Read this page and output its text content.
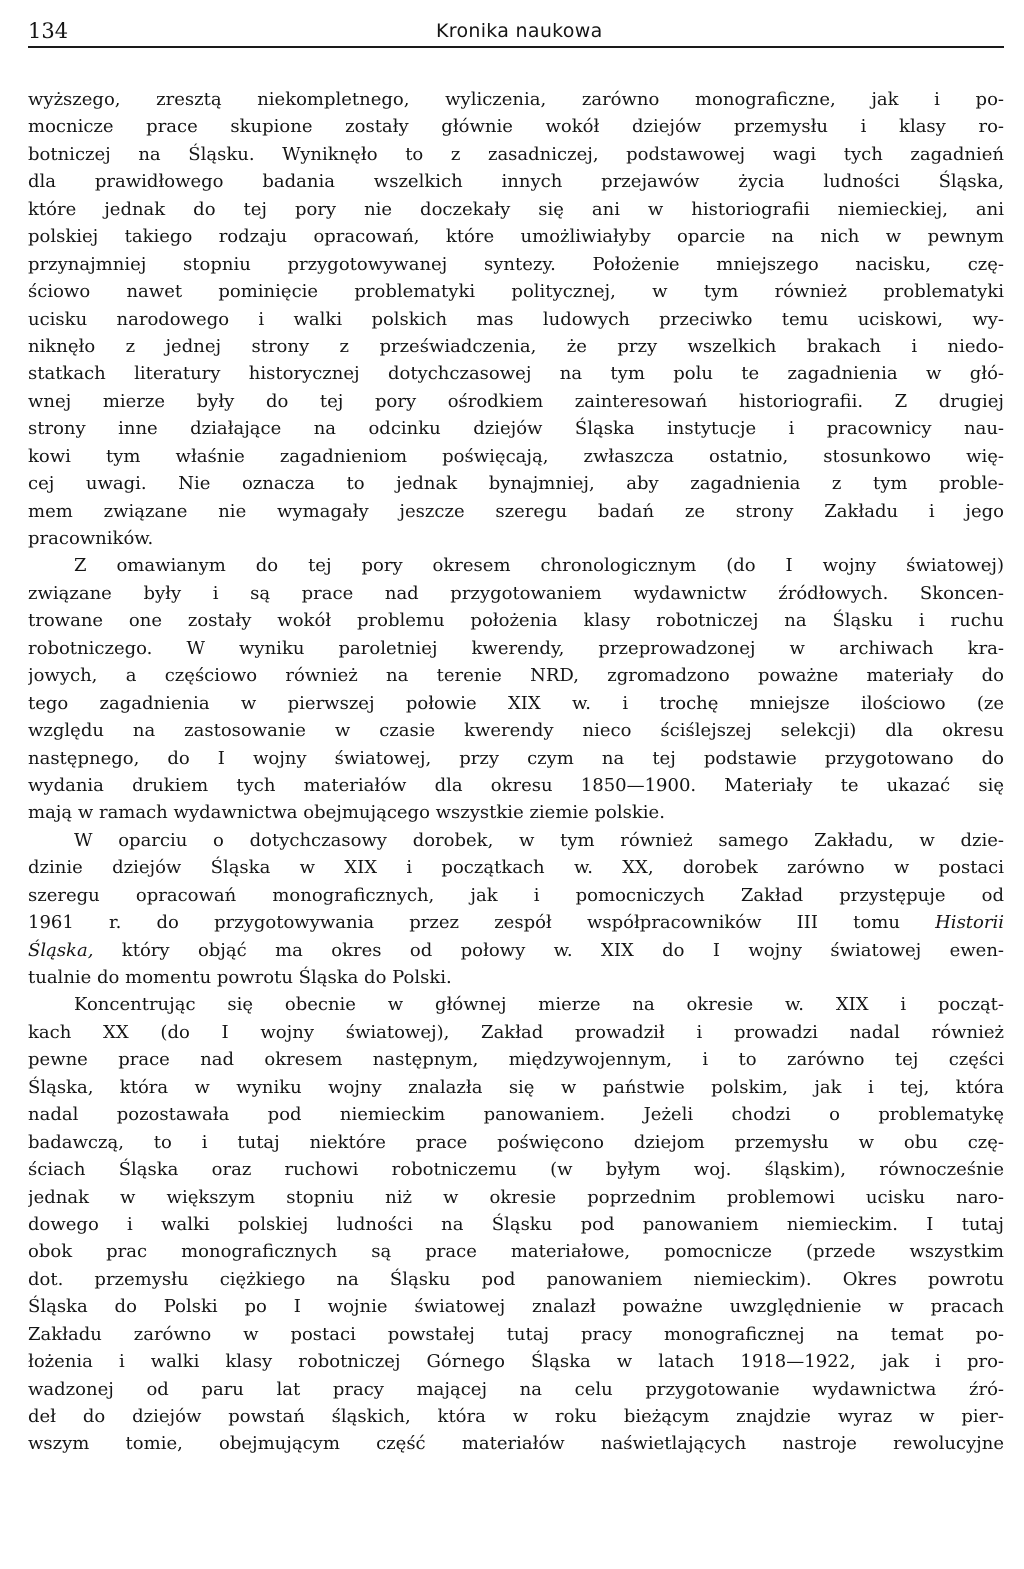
134	Kronika naukowa
wyższego, zresztą niekompletnego, wyliczenia, zarówno monograficzne, jak i po-
mocnicze prace skupione zostały głównie wokół dziejów przemysłu i klasy ro-
botniczej na Śląsku. Wyniknęło to z zasadniczej, podstawowej wagi tych zagadnień
dla prawidłowego badania wszelkich innych przejawów życia ludności Śląska,
które jednak do tej pory nie doczekały się ani w historiografii niemieckiej, ani
polskiej takiego rodzaju opracowań, które umożliwiałyby oparcie na nich w pewnym
przynajmniej stopniu przygotowywanej syntezy. Położenie mniejszego nacisku, czę-
ściowo nawet pominięcie problematyki politycznej, w tym również problematyki
ucisku narodowego i walki polskich mas ludowych przeciwko temu uciskowi, wy-
niknęło z jednej strony z przeświadczenia, że przy wszelkich brakach i niedo-
statkach literatury historycznej dotychczasowej na tym polu te zagadnienia w głó-
wnej mierze były do tej pory ośrodkiem zainteresowań historiografii. Z drugiej
strony inne działające na odcinku dziejów Śląska instytucje i pracownicy nau-
kowi tym właśnie zagadnieniom poświęcają, zwłaszcza ostatnio, stosunkowo wię-
cej uwagi. Nie oznacza to jednak bynajmniej, aby zagadnienia z tym proble-
mem związane nie wymagały jeszcze szeregu badań ze strony Zakładu i jego
pracowników.
Z omawianym do tej pory okresem chronologicznym (do I wojny światowej)
związane były i są prace nad przygotowaniem wydawnictw źródłowych. Skoncen-
trowane one zostały wokół problemu położenia klasy robotniczej na Śląsku i ruchu
robotniczego. W wyniku paroletniej kwerendy, przeprowadzonej w archiwach kra-
jowych, a częściowo również na terenie NRD, zgromadzono poważne materiały do
tego zagadnienia w pierwszej połowie XIX w. i trochę mniejsze ilościowo (ze
względu na zastosowanie w czasie kwerendy nieco ściślejszej selekcji) dla okresu
następnego, do I wojny światowej, przy czym na tej podstawie przygotowano do
wydania drukiem tych materiałów dla okresu 1850—1900. Materiały te ukazać się
mają w ramach wydawnictwa obejmującego wszystkie ziemie polskie.
W oparciu o dotychczasowy dorobek, w tym również samego Zakładu, w dzie-
dzinie dziejów Śląska w XIX i początkach w. XX, dorobek zarówno w postaci
szeregu opracowań monograficznych, jak i pomocniczych Zakład przystępuje od
1961 r. do przygotowywania przez zespół współpracowników III tomu Historii
Śląska, który objąć ma okres od połowy w. XIX do I wojny światowej ewen-
tualnie do momentu powrotu Śląska do Polski.
Koncentrując się obecnie w głównej mierze na okresie w. XIX i począt-
kach XX (do I wojny światowej), Zakład prowadził i prowadzi nadal również
pewne prace nad okresem następnym, międzywojennym, i to zarówno tej części
Śląska, która w wyniku wojny znalazła się w państwie polskim, jak i tej, która
nadal pozostawała pod niemieckim panowaniem. Jeżeli chodzi o problematykę
badawczą, to i tutaj niektóre prace poświęcono dziejom przemysłu w obu czę-
ściach Śląska oraz ruchowi robotniczemu (w byłym woj. śląskim), równocześnie
jednak w większym stopniu niż w okresie poprzednim problemowi ucisku naro-
dowego i walki polskiej ludności na Śląsku pod panowaniem niemieckim. I tutaj
obok prac monograficznych są prace materiałowe, pomocnicze (przede wszystkim
dot. przemysłu ciężkiego na Śląsku pod panowaniem niemieckim). Okres powrotu
Śląska do Polski po I wojnie światowej znalazł poważne uwzględnienie w pracach
Zakładu zarówno w postaci powstałej tutaj pracy monograficznej na temat po-
łożenia i walki klasy robotniczej Górnego Śląska w latach 1918—1922, jak i pro-
wadzonej od paru lat pracy mającej na celu przygotowanie wydawnictwa źró-
deł do dziejów powstań śląskich, która w roku bieżącym znajdzie wyraz w pier-
wszym tomie, obejmującym część materiałów naświetlających nastroje rewolucyjne
